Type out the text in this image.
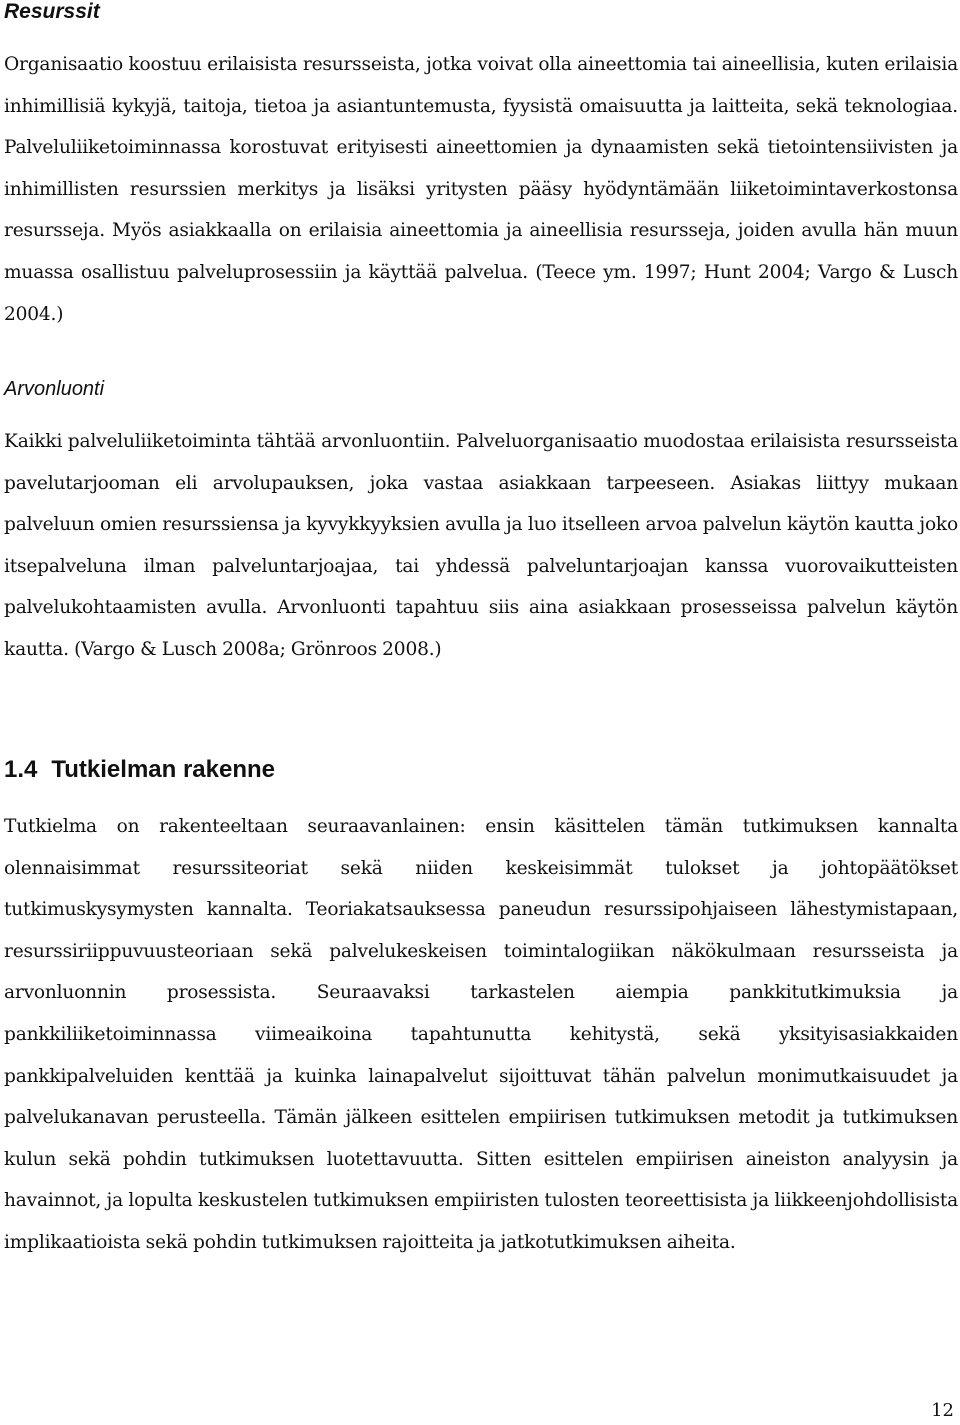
Resurssit

Organisaatio koostuu erilaisista resursseista, jotka voivat olla aineettomia tai aineellisia, kuten erilaisia inhimillisiä kykyjä, taitoja, tietoa ja asiantuntemusta, fyysistä omaisuutta ja laitteita, sekä teknologiaa. Palveluliiketoiminnassa korostuvat erityisesti aineettomien ja dynaamisten sekä tietointensiivisten ja inhimillisten resurssien merkitys ja lisäksi yritysten pääsy hyödyntämään liiketoimintaverkostonsa resursseja. Myös asiakkaalla on erilaisia aineettomia ja aineellisia resursseja, joiden avulla hän muun muassa osallistuu palveluprosessiin ja käyttää palvelua. (Teece ym. 1997; Hunt 2004; Vargo & Lusch 2004.)

Arvonluonti

Kaikki palveluliiketoiminta tähtää arvonluontiin. Palveluorganisaatio muodostaa erilaisista resursseista pavelutarjooman eli arvolupauksen, joka vastaa asiakkaan tarpeeseen. Asiakas liittyy mukaan palveluun omien resurssiensa ja kyvykkyyksien avulla ja luo itselleen arvoa palvelun käytön kautta joko itsepalveluna ilman palveluntarjoajaa, tai yhdessä palveluntarjoajan kanssa vuorovaikutteisten palvelukohtaamisten avulla. Arvonluonti tapahtuu siis aina asiakkaan prosesseissa palvelun käytön kautta. (Vargo & Lusch 2008a; Grönroos 2008.)

1.4 Tutkielman rakenne

Tutkielma on rakenteeltaan seuraavanlainen: ensin käsittelen tämän tutkimuksen kannalta olennaisimmat resurssiteoriat sekä niiden keskeisimmät tulokset ja johtopäätökset tutkimuskysymysten kannalta. Teoriakatsauksessa paneudun resurssipohjaiseen lähestymistapaan, resurssiriippuvuusteoriaan sekä palvelukeskeisen toimintalogiikan näkökulmaan resursseista ja arvonluonnin prosessista. Seuraavaksi tarkastelen aiempia pankkitutkimuksia ja pankkiliiketoiminnassa viimeaikoina tapahtunutta kehitystä, sekä yksityisasiakkaiden pankkipalveluiden kenttää ja kuinka lainapalvelut sijoittuvat tähän palvelun monimutkaisuudet ja palvelukanavan perusteella. Tämän jälkeen esittelen empiirisen tutkimuksen metodit ja tutkimuksen kulun sekä pohdin tutkimuksen luotettavuutta. Sitten esittelen empiirisen aineiston analyysin ja havainnot, ja lopulta keskustelen tutkimuksen empiiristen tulosten teoreettisista ja liikkeenjohdollisista implikaatioista sekä pohdin tutkimuksen rajoitteita ja jatkotutkimuksen aiheita.

12
